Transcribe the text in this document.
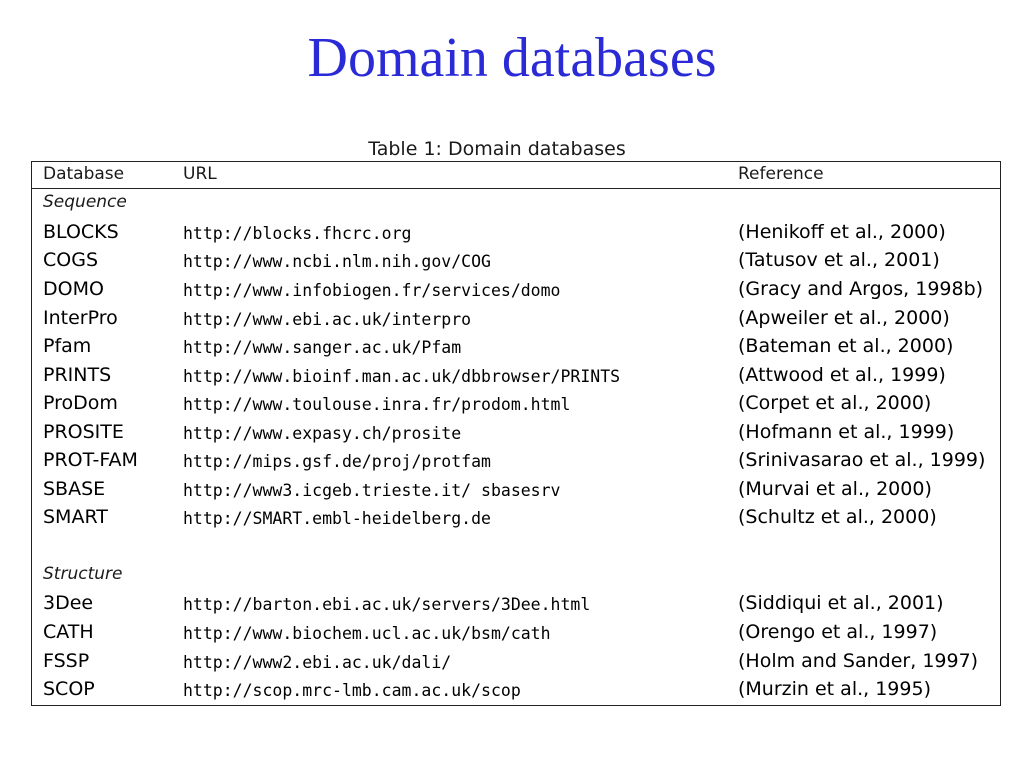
Domain databases
Table 1: Domain databases
Database	URL	Reference
Sequence
BLOCKS	http://blocks.fhcrc.org	(Henikoff et al., 2000)
COGS	http://www.ncbi.nlm.nih.gov/COG	(Tatusov et al., 2001)
DOMO	http://www.infobiogen.fr/services/domo	(Gracy and Argos, 1998b)
InterPro	http://www.ebi.ac.uk/interpro	(Apweiler et al., 2000)
Pfam	http://www.sanger.ac.uk/Pfam	(Bateman et al., 2000)
PRINTS	http://www.bioinf.man.ac.uk/dbbrowser/PRINTS	(Attwood et al., 1999)
ProDom	http://www.toulouse.inra.fr/prodom.html	(Corpet et al., 2000)
PROSITE	http://www.expasy.ch/prosite	(Hofmann et al., 1999)
PROT-FAM	http://mips.gsf.de/proj/protfam	(Srinivasarao et al., 1999)
SBASE	http://www3.icgeb.trieste.it/ sbasesrv	(Murvai et al., 2000)
SMART	http://SMART.embl-heidelberg.de	(Schultz et al., 2000)
Structure
3Dee	http://barton.ebi.ac.uk/servers/3Dee.html	(Siddiqui et al., 2001)
CATH	http://www.biochem.ucl.ac.uk/bsm/cath	(Orengo et al., 1997)
FSSP	http://www2.ebi.ac.uk/dali/	(Holm and Sander, 1997)
SCOP	http://scop.mrc-lmb.cam.ac.uk/scop	(Murzin et al., 1995)
